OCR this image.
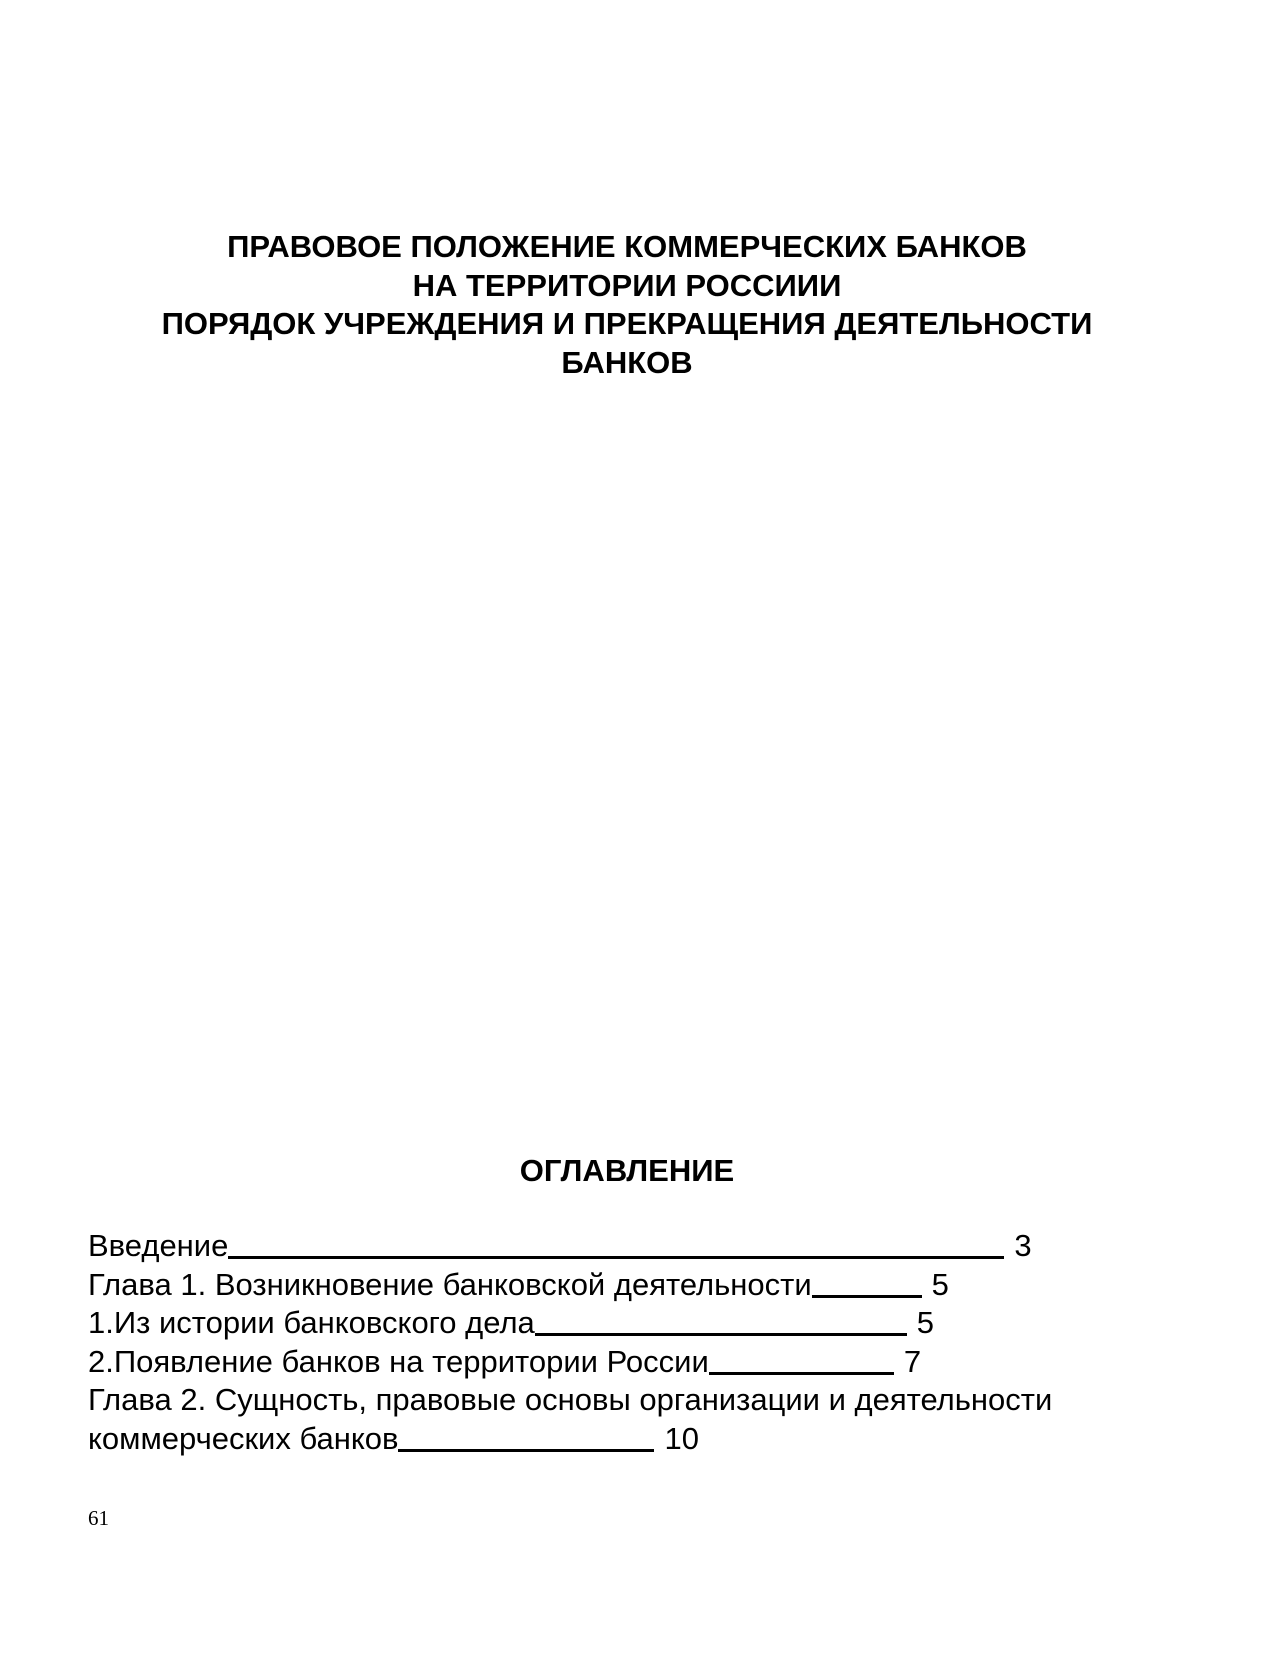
ПРАВОВОЕ ПОЛОЖЕНИЕ КОММЕРЧЕСКИХ БАНКОВ
НА ТЕРРИТОРИИ РОССИИИ
ПОРЯДОК УЧРЕЖДЕНИЯ И ПРЕКРАЩЕНИЯ ДЕЯТЕЛЬНОСТИ
БАНКОВ
ОГЛАВЛЕНИЕ
Введение	3
Глава 1. Возникновение банковской деятельности	5
1.Из истории банковского дела	5
2.Появление банков на территории России	7
Глава 2. Сущность, правовые основы организации и деятельности
коммерческих банков	10
61
